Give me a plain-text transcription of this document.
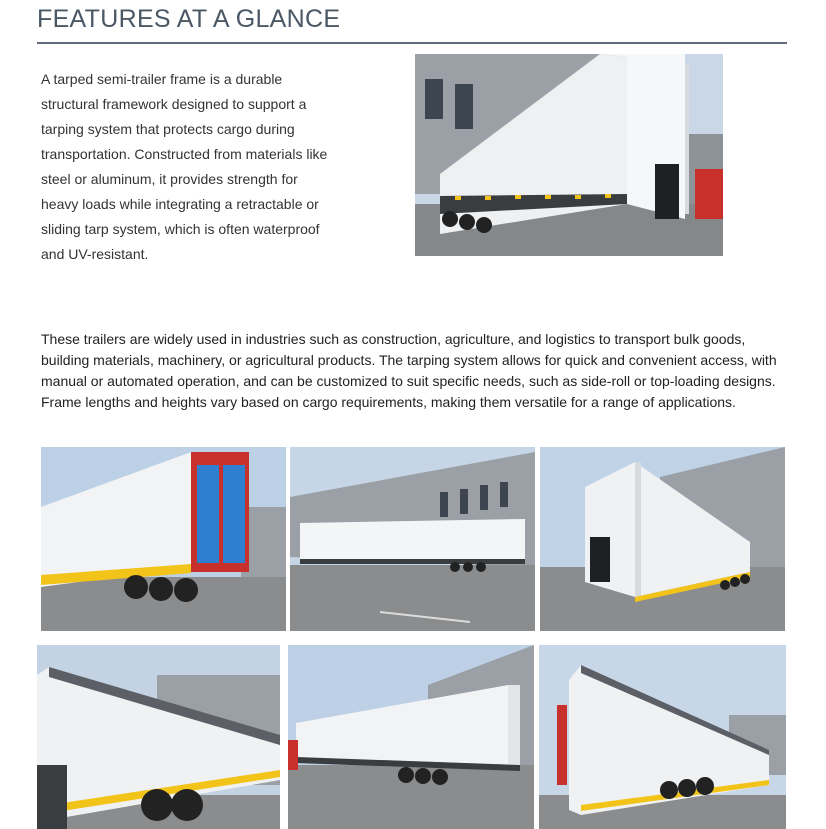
FEATURES AT A GLANCE
A tarped semi-trailer frame is a durable structural framework designed to support a tarping system that protects cargo during transportation. Constructed from materials like steel or aluminum, it provides strength for heavy loads while integrating a retractable or sliding tarp system, which is often waterproof and UV-resistant.
These trailers are widely used in industries such as construction, agriculture, and logistics to transport bulk goods, building materials, machinery, or agricultural products. The tarping system allows for quick and convenient access, with manual or automated operation, and can be customized to suit specific needs, such as side-roll or top-loading designs. Frame lengths and heights vary based on cargo requirements, making them versatile for a range of applications.
